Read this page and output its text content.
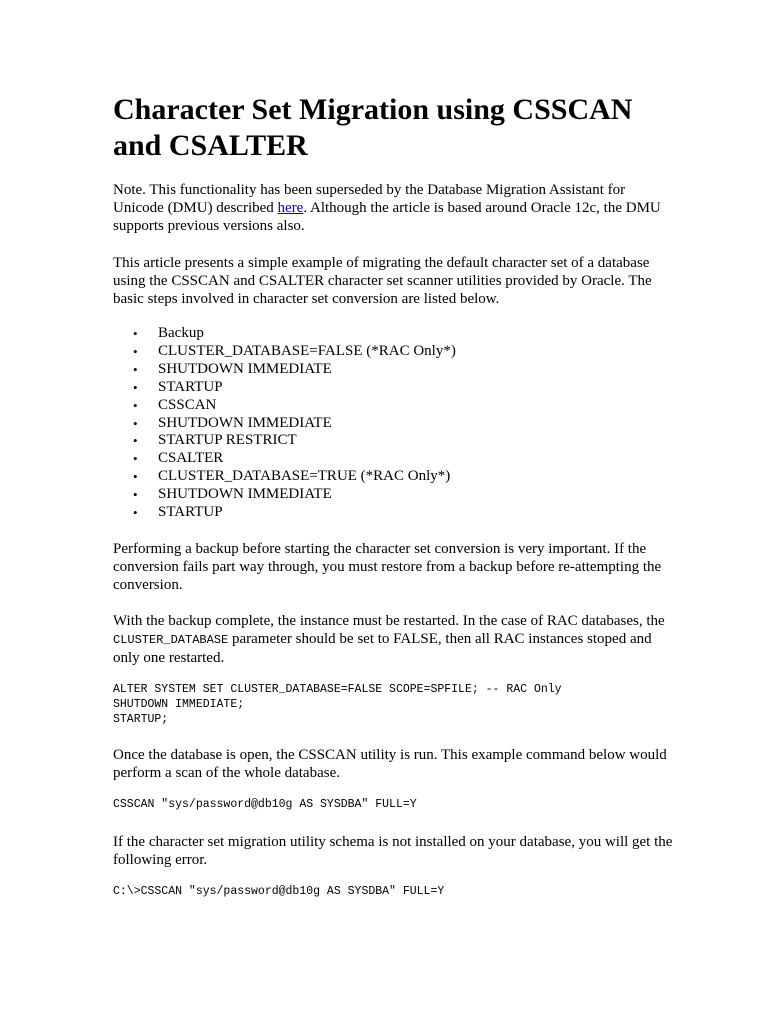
Character Set Migration using CSSCAN and CSALTER

Note. This functionality has been superseded by the Database Migration Assistant for Unicode (DMU) described here. Although the article is based around Oracle 12c, the DMU supports previous versions also.

This article presents a simple example of migrating the default character set of a database using the CSSCAN and CSALTER character set scanner utilities provided by Oracle. The basic steps involved in character set conversion are listed below.

• Backup
• CLUSTER_DATABASE=FALSE (*RAC Only*)
• SHUTDOWN IMMEDIATE
• STARTUP
• CSSCAN
• SHUTDOWN IMMEDIATE
• STARTUP RESTRICT
• CSALTER
• CLUSTER_DATABASE=TRUE (*RAC Only*)
• SHUTDOWN IMMEDIATE
• STARTUP

Performing a backup before starting the character set conversion is very important. If the conversion fails part way through, you must restore from a backup before re-attempting the conversion.

With the backup complete, the instance must be restarted. In the case of RAC databases, the CLUSTER_DATABASE parameter should be set to FALSE, then all RAC instances stoped and only one restarted.

ALTER SYSTEM SET CLUSTER_DATABASE=FALSE SCOPE=SPFILE; -- RAC Only
SHUTDOWN IMMEDIATE;
STARTUP;

Once the database is open, the CSSCAN utility is run. This example command below would perform a scan of the whole database.

CSSCAN "sys/password@db10g AS SYSDBA" FULL=Y

If the character set migration utility schema is not installed on your database, you will get the following error.

C:\>CSSCAN "sys/password@db10g AS SYSDBA" FULL=Y
